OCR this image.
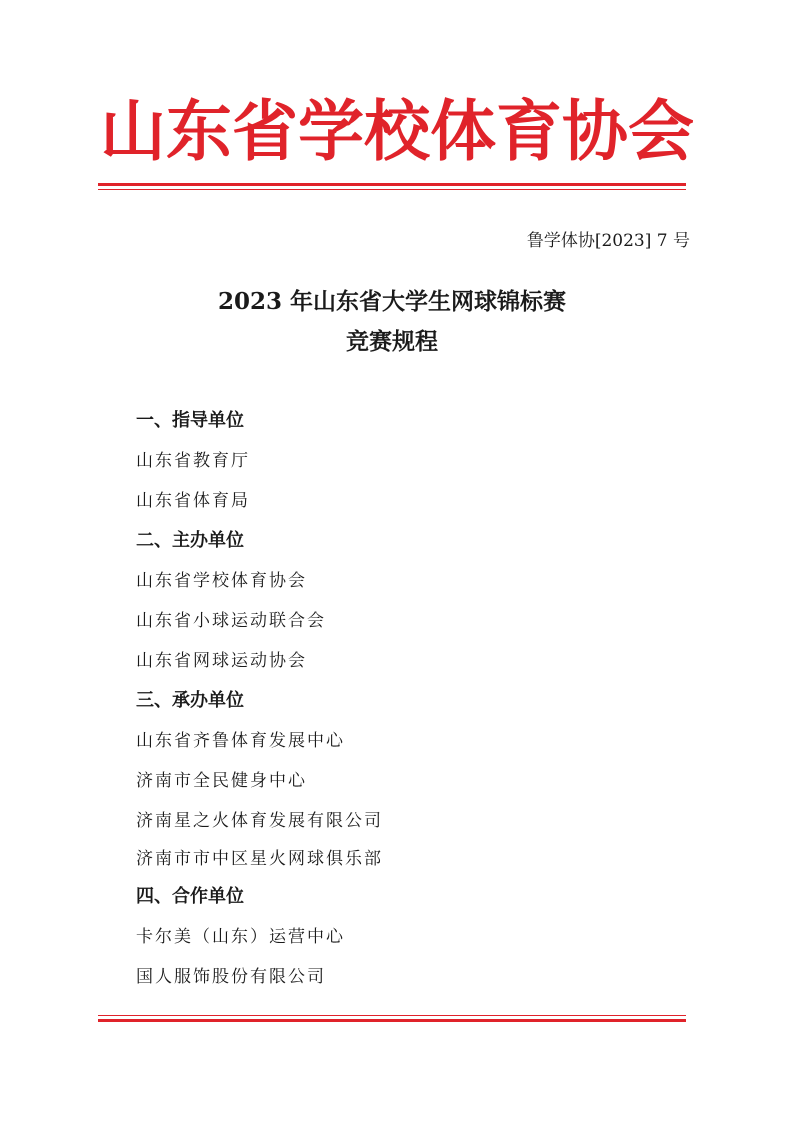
山东省学校体育协会
鲁学体协[2023] 7 号
2023 年山东省大学生网球锦标赛
竞赛规程
一、指导单位
山东省教育厅
山东省体育局
二、主办单位
山东省学校体育协会
山东省小球运动联合会
山东省网球运动协会
三、承办单位
山东省齐鲁体育发展中心
济南市全民健身中心
济南星之火体育发展有限公司
济南市市中区星火网球俱乐部
四、合作单位
卡尔美（山东）运营中心
国人服饰股份有限公司
